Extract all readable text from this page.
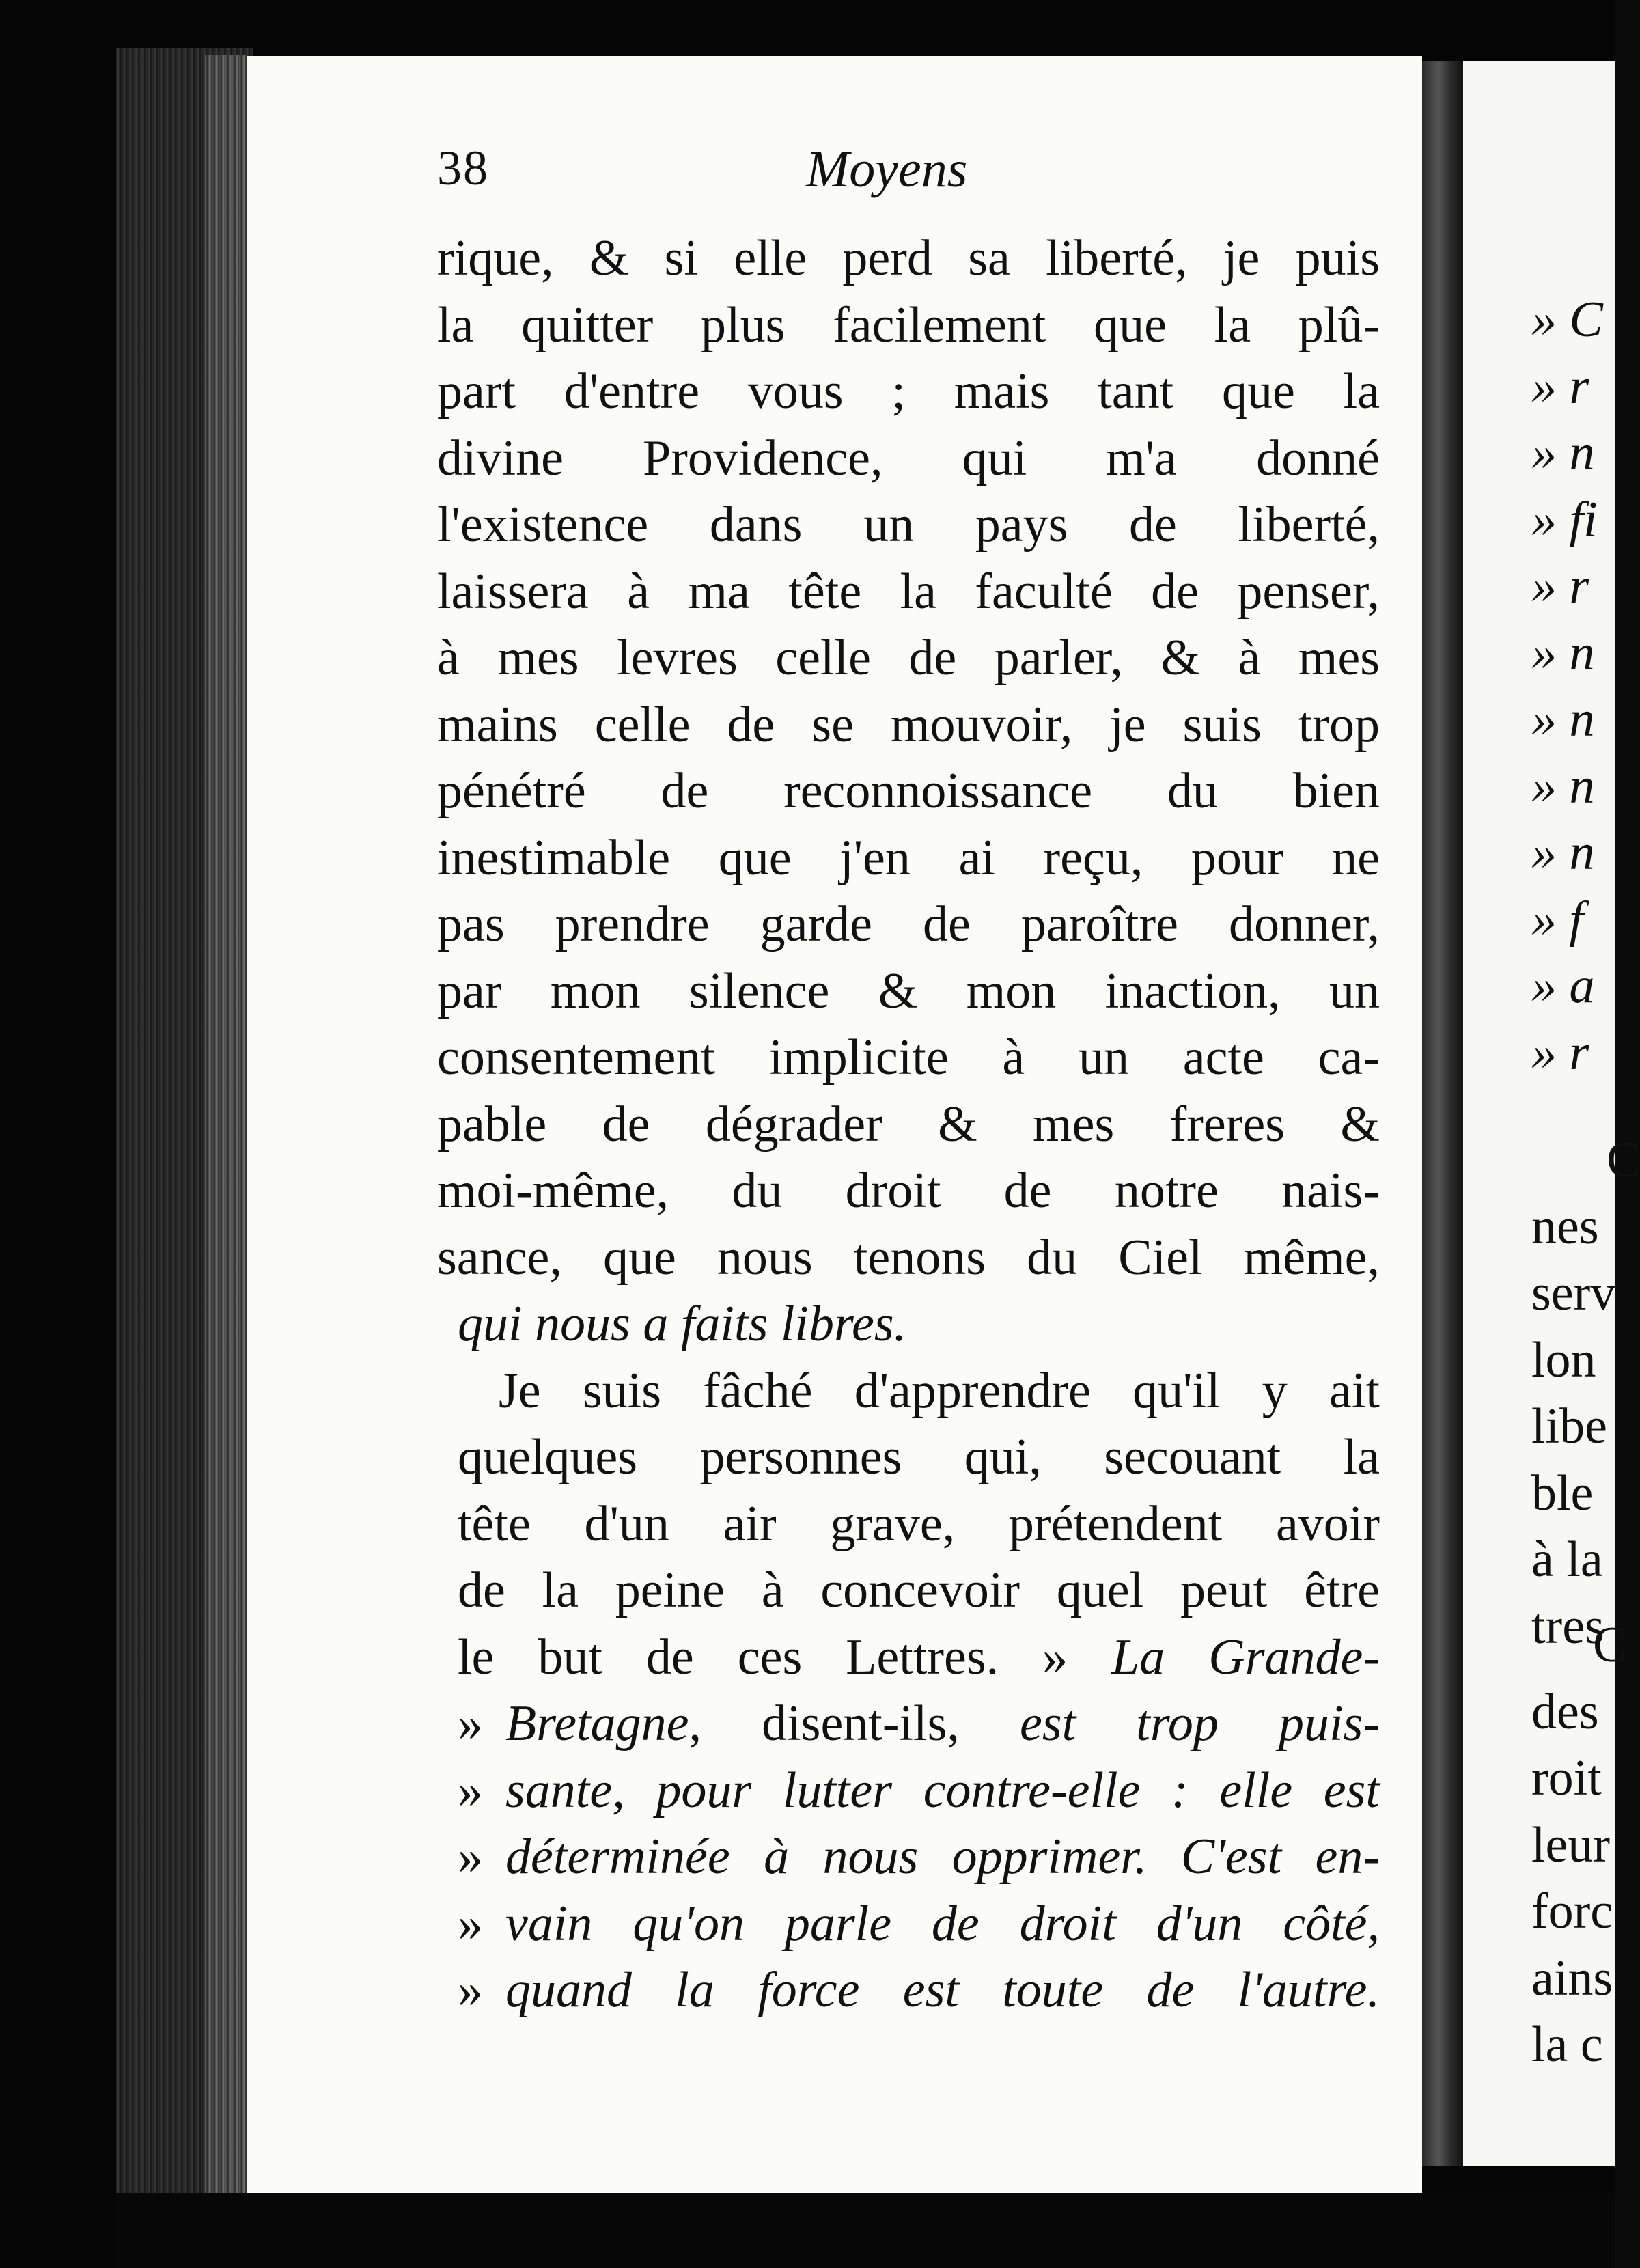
» C
» r
» n
» fi
» r
» n
» n
» n
» n
» f
» a
» r
C
nes
serv
lon
libe
ble
à la
tres
C
des
roit
leur
forc
ains
la c
38	Moyens
rique, & si elle perd sa liberté, je puis
la quitter plus facilement que la plû-
part d'entre vous ; mais tant que la
divine Providence, qui m'a donné
l'existence dans un pays de liberté,
laissera à ma tête la faculté de penser,
à mes levres celle de parler, & à mes
mains celle de se mouvoir, je suis trop
pénétré de reconnoissance du bien
inestimable que j'en ai reçu, pour ne
pas prendre garde de paroître donner,
par mon silence & mon inaction, un
consentement implicite à un acte ca-
pable de dégrader & mes freres &
moi-même, du droit de notre nais-
sance, que nous tenons du Ciel même,
qui nous a faits libres.
Je suis fâché d'apprendre qu'il y ait
quelques personnes qui, secouant la
tête d'un air grave, prétendent avoir
de la peine à concevoir quel peut être
le but de ces Lettres. » La Grande-
» Bretagne, disent-ils, est trop puis-
» sante, pour lutter contre-elle : elle est
» déterminée à nous opprimer. C'est en-
» vain qu'on parle de droit d'un côté,
» quand la force est toute de l'autre.
